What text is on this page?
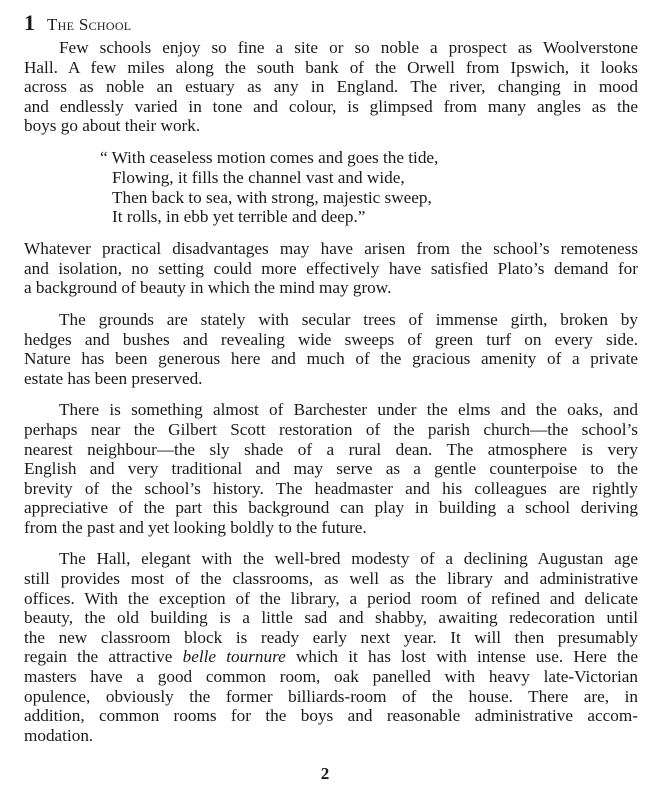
1 The School

Few schools enjoy so fine a site or so noble a prospect as Woolverstone
Hall. A few miles along the south bank of the Orwell from Ipswich, it looks
across as noble an estuary as any in England. The river, changing in mood
and endlessly varied in tone and colour, is glimpsed from many angles as the
boys go about their work.

“ With ceaseless motion comes and goes the tide,
Flowing, it fills the channel vast and wide,
Then back to sea, with strong, majestic sweep,
It rolls, in ebb yet terrible and deep.”

Whatever practical disadvantages may have arisen from the school’s remoteness
and isolation, no setting could more effectively have satisfied Plato’s demand for
a background of beauty in which the mind may grow.

The grounds are stately with secular trees of immense girth, broken by
hedges and bushes and revealing wide sweeps of green turf on every side.
Nature has been generous here and much of the gracious amenity of a private
estate has been preserved.

There is something almost of Barchester under the elms and the oaks, and
perhaps near the Gilbert Scott restoration of the parish church—the school’s
nearest neighbour—the sly shade of a rural dean. The atmosphere is very
English and very traditional and may serve as a gentle counterpoise to the
brevity of the school’s history. The headmaster and his colleagues are rightly
appreciative of the part this background can play in building a school deriving
from the past and yet looking boldly to the future.

The Hall, elegant with the well-bred modesty of a declining Augustan age
still provides most of the classrooms, as well as the library and administrative
offices. With the exception of the library, a period room of refined and delicate
beauty, the old building is a little sad and shabby, awaiting redecoration until
the new classroom block is ready early next year. It will then presumably
regain the attractive belle tournure which it has lost with intense use. Here the
masters have a good common room, oak panelled with heavy late-Victorian
opulence, obviously the former billiards-room of the house. There are, in
addition, common rooms for the boys and reasonable administrative accom-
modation.

2
